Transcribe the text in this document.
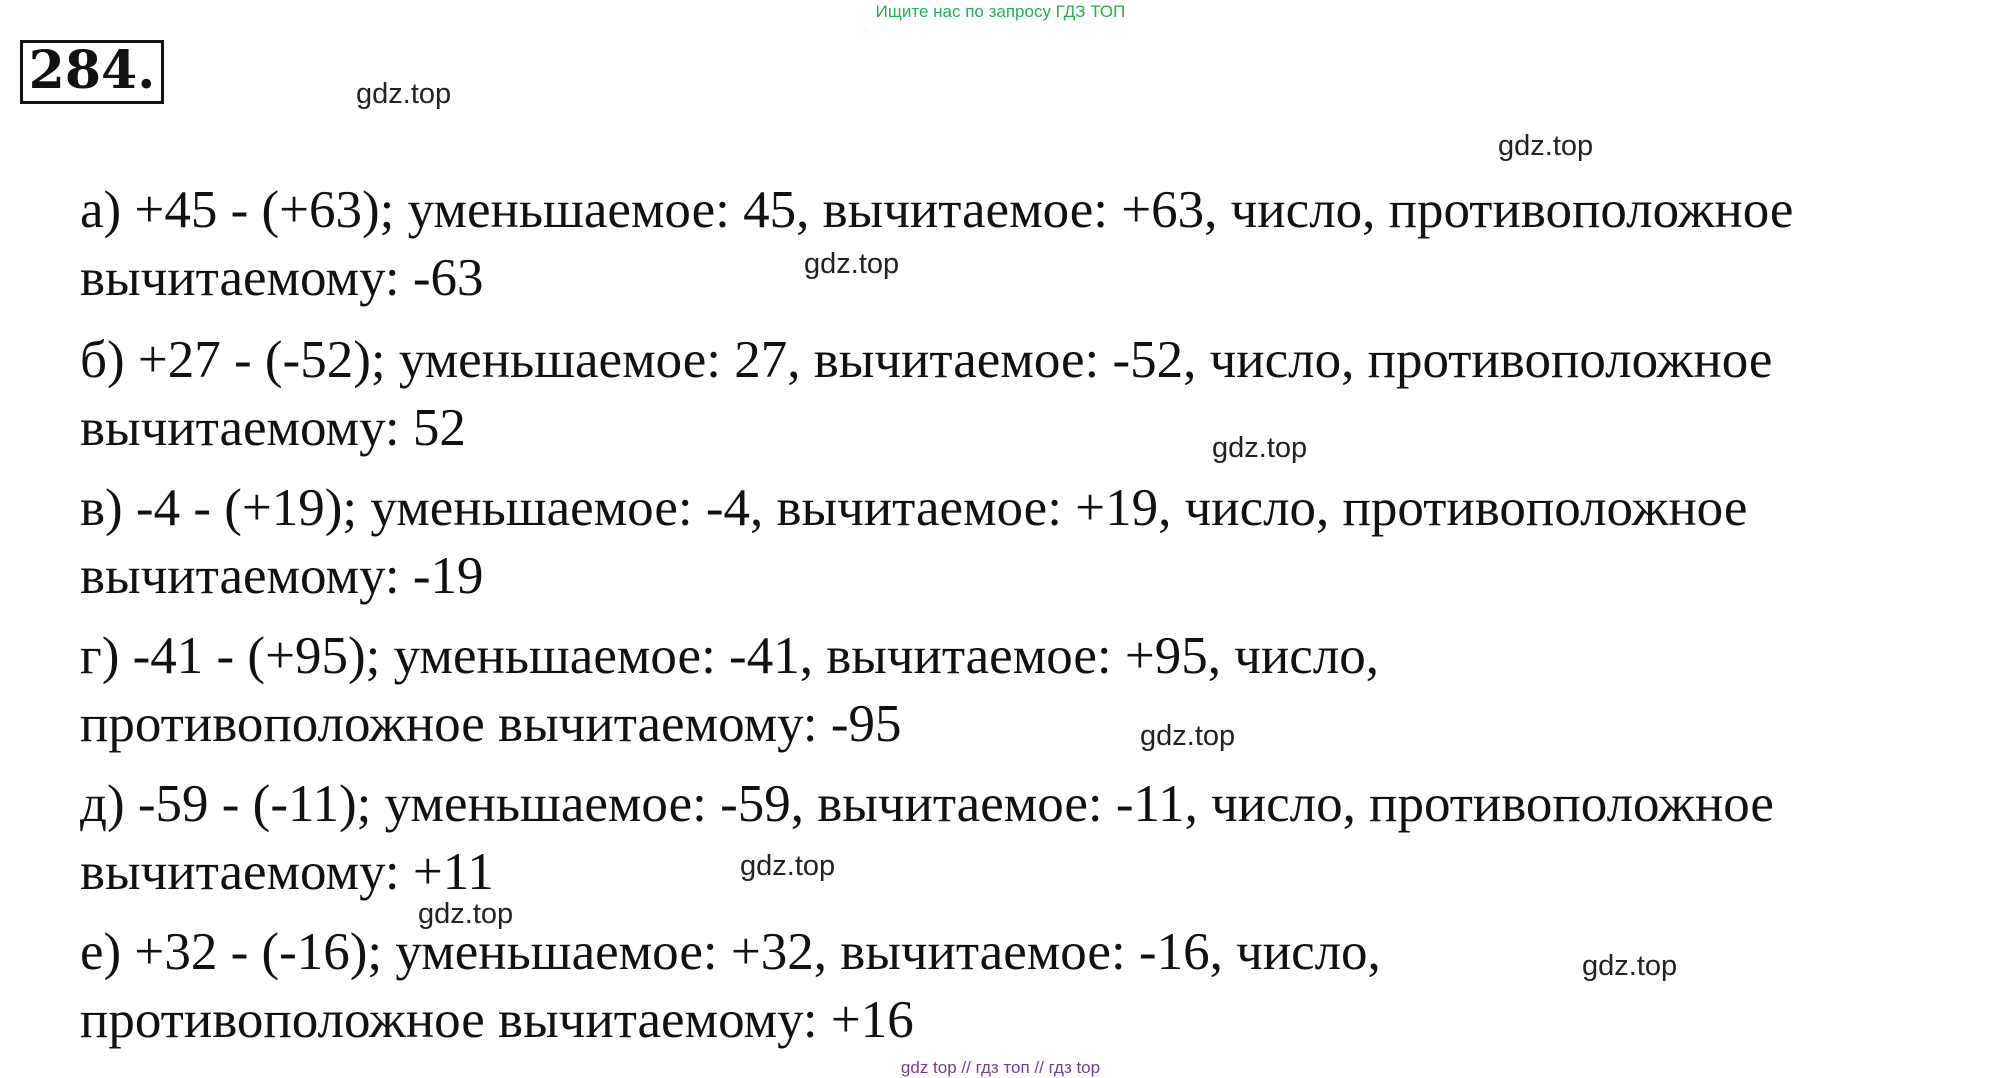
Ищите нас по запросу ГДЗ ТОП
284.	gdz.top
gdz.top
gdz.top
gdz.top
gdz.top
gdz.top
gdz.top
gdz.top
а) +45 - (+63); уменьшаемое: 45, вычитаемое: +63, число, противоположное
вычитаемому: -63
б) +27 - (-52); уменьшаемое: 27, вычитаемое: -52, число, противоположное
вычитаемому: 52
в) -4 - (+19); уменьшаемое: -4, вычитаемое: +19, число, противоположное
вычитаемому: -19
г) -41 - (+95); уменьшаемое: -41, вычитаемое: +95, число,
противоположное вычитаемому: -95
д) -59 - (-11); уменьшаемое: -59, вычитаемое: -11, число, противоположное
вычитаемому: +11
е) +32 - (-16); уменьшаемое: +32, вычитаемое: -16, число,
противоположное вычитаемому: +16
gdz top // гдз топ // гдз top
